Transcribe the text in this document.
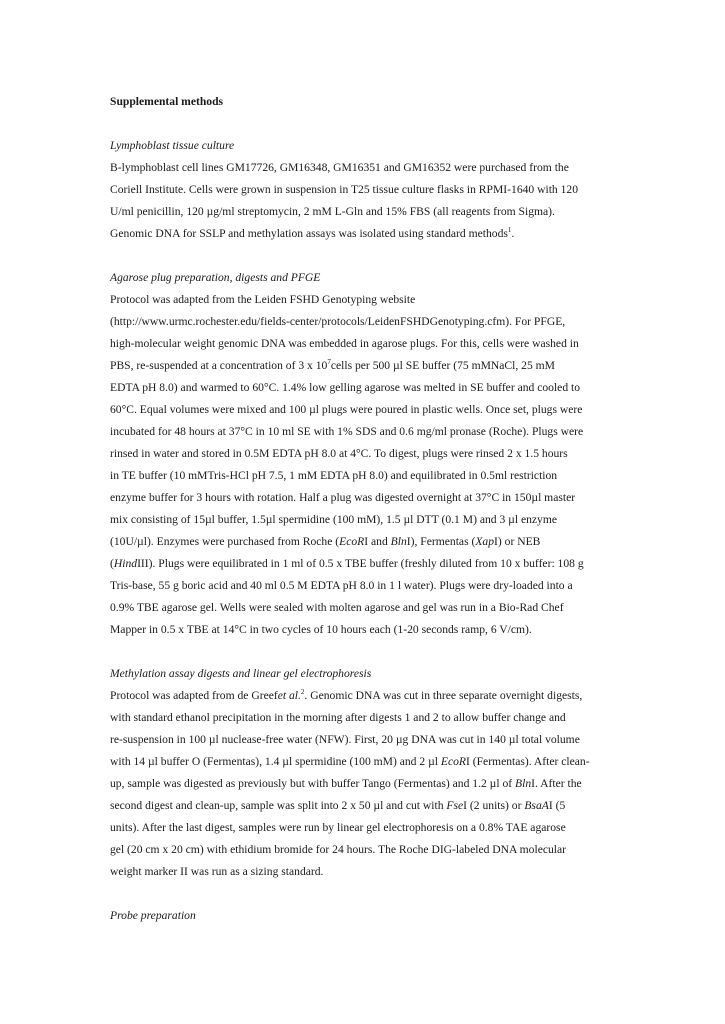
Supplemental methods

Lymphoblast tissue culture

B-lymphoblast cell lines GM17726, GM16348, GM16351 and GM16352 were purchased from the

Coriell Institute. Cells were grown in suspension in T25 tissue culture flasks in RPMI-1640 with 120

U/ml penicillin, 120 µg/ml streptomycin, 2 mM L-Gln and 15% FBS (all reagents from Sigma).

Genomic DNA for SSLP and methylation assays was isolated using standard methods$^1$.

Agarose plug preparation, digests and PFGE

Protocol was adapted from the Leiden FSHD Genotyping website

(http://www.urmc.rochester.edu/fields-center/protocols/LeidenFSHDGenotyping.cfm). For PFGE,

high-molecular weight genomic DNA was embedded in agarose plugs. For this, cells were washed in

PBS, re-suspended at a concentration of 3 x $10^7cells$ per 500 µl SE buffer (75 mMNaCl, 25 mM

EDTA pH 8.0) and warmed to 60°C. 1.4% low gelling agarose was melted in SE buffer and cooled to

60°C. Equal volumes were mixed and 100 µl plugs were poured in plastic wells. Once set, plugs were

incubated for 48 hours at 37°C in 10 ml SE with 1% SDS and 0.6 mg/ml pronase (Roche). Plugs were

rinsed in water and stored in 0.5M EDTA pH 8.0 at 4°C. To digest, plugs were rinsed 2 x 1.5 hours

in TE buffer (10 mMTris-HCl pH 7.5, 1 mM EDTA pH 8.0) and equilibrated in 0.5ml restriction

enzyme buffer for 3 hours with rotation. Half a plug was digested overnight at 37°C in 150µl master

mix consisting of 15µl buffer, 1.5µl spermidine (100 mM), 1.5 µl DTT (0.1 M) and 3 µl enzyme

(10U/µl). Enzymes were purchased from Roche (EcoRI and BlnI), Fermentas (XapI) or NEB

(HindIII). Plugs were equilibrated in 1 ml of 0.5 x TBE buffer (freshly diluted from 10 x buffer: 108 g

Tris-base, 55 g boric acid and 40 ml 0.5 M EDTA pH 8.0 in 1 l water). Plugs were dry-loaded into a

0.9% TBE agarose gel. Wells were sealed with molten agarose and gel was run in a Bio-Rad Chef

Mapper in 0.5 x TBE at 14°C in two cycles of 10 hours each (1-20 seconds ramp, 6 V/cm).

Methylation assay digests and linear gel electrophoresis

Protocol was adapted from de Greefet al.$^2$. Genomic DNA was cut in three separate overnight digests,

with standard ethanol precipitation in the morning after digests 1 and 2 to allow buffer change and

re-suspension in 100 µl nuclease-free water (NFW). First, 20 µg DNA was cut in 140 µl total volume

with 14 µl buffer O (Fermentas), 1.4 µl spermidine (100 mM) and 2 µl EcoRI (Fermentas). After clean-

up, sample was digested as previously but with buffer Tango (Fermentas) and 1.2 µl of BlnI. After the

second digest and clean-up, sample was split into 2 x 50 µl and cut with FseI (2 units) or BsaAI (5

units). After the last digest, samples were run by linear gel electrophoresis on a 0.8% TAE agarose

gel (20 cm x 20 cm) with ethidium bromide for 24 hours. The Roche DIG-labeled DNA molecular

weight marker II was run as a sizing standard.

Probe preparation
